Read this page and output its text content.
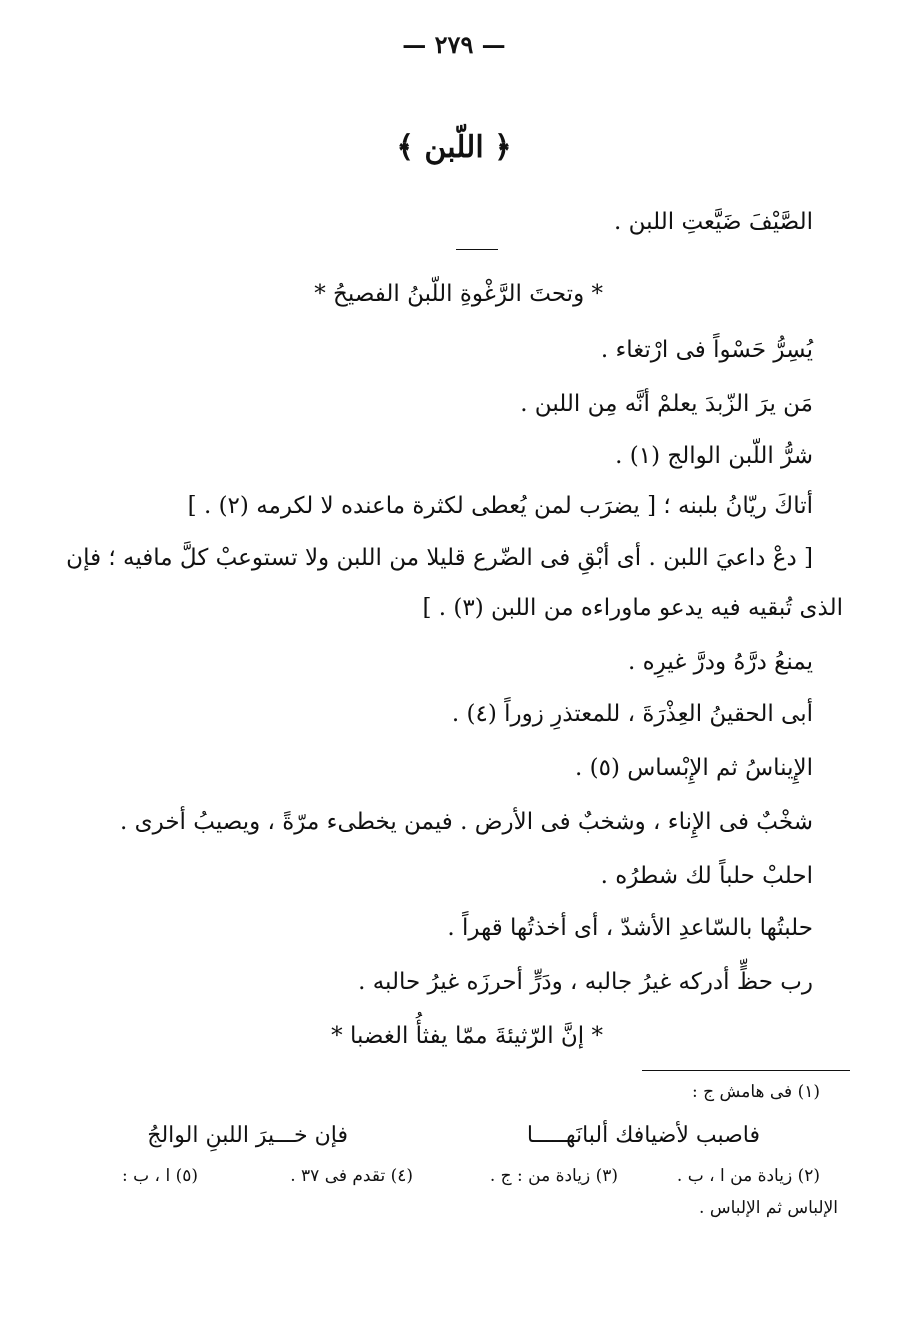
— ٢٧٩ —
﴿ اللّبن ﴾
الصَّيْفَ ضَيَّعتِ اللبن .
* وتحتَ الرَّغْوةِ اللّبنُ الفصيحُ *
يُسِرُّ حَسْواً فى ارْتغاء .
مَن يرَ الزّبدَ يعلمْ أنَّه مِن اللبن .
شرُّ اللّبن الوالج (١) .
أتاكَ ريّانُ بلبنه ؛ [ يضرَب لمن يُعطى لكثرة ماعنده لا لكرمه (٢) . ]
[ دعْ داعيَ اللبن . أى أبْقِ فى الضّرع قليلا من اللبن ولا تستوعبْ كلَّ مافيه ؛ فإن
الذى تُبقيه فيه يدعو ماوراءه من اللبن (٣) . ]
يمنعُ درَّهُ ودرَّ غيرِه .
أبى الحقينُ العِذْرَةَ ، للمعتذرِ زوراً (٤) .
الإِيناسُ ثم الإِبْساس (٥) .
شخْبٌ فى الإِناء ، وشخبٌ فى الأرض . فيمن يخطىء مرّةً ، ويصيبُ أخرى .
احلبْ حلباً لك شطرُه .
حلبتُها بالسّاعدِ الأشدّ ، أى أخذتُها قهراً .
رب حظٍّ أدركه غيرُ جالبه ، ودَرٍّ أحرزَه غيرُ حالبه .
* إنَّ الرّثيئةَ ممّا يفثأُ الغضبا *
(١) فى هامش ج :
فاصبب لأضيافك ألبانَهـــــا
فإن خـــيرَ اللبنِ الوالجُ
(٢) زيادة من ا ، ب .
(٣) زيادة من : ج .
(٤) تقدم فى ٣٧ .
(٥) ا ، ب :
الإلباس ثم الإلباس .
